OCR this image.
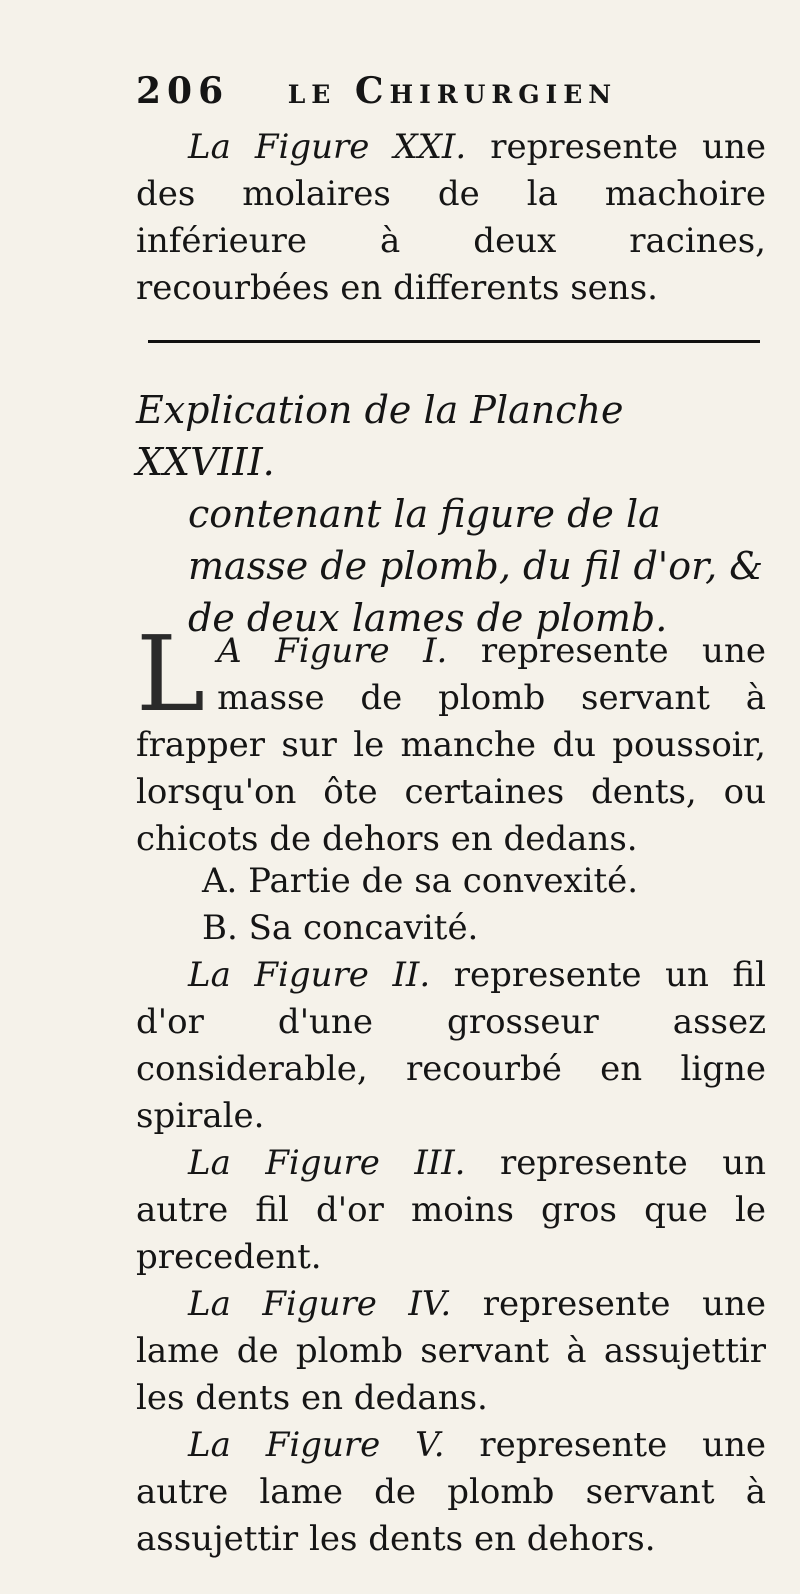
206 le Chirurgien

La Figure XXI. represente une des molaires de la machoire inférieure à deux racines, recourbées en differents sens.

Explication de la Planche XXVIII.
contenant la figure de la masse de plomb, du fil d'or, & de deux lames de plomb.
L A Figure I. represente une masse de plomb servant à frapper sur le manche du poussoir, lorsqu'on ôte certaines dents, ou chicots de dehors en dedans.

A. Partie de sa convexité.

B. Sa concavité.

La Figure II. represente un fil d'or d'une grosseur assez considerable, recourbé en ligne spirale.

La Figure III. represente un autre fil d'or moins gros que le precedent.

La Figure IV. represente une lame de plomb servant à assujettir les dents en dedans.

La Figure V. represente une autre lame de plomb servant à assujettir les dents en dehors.
